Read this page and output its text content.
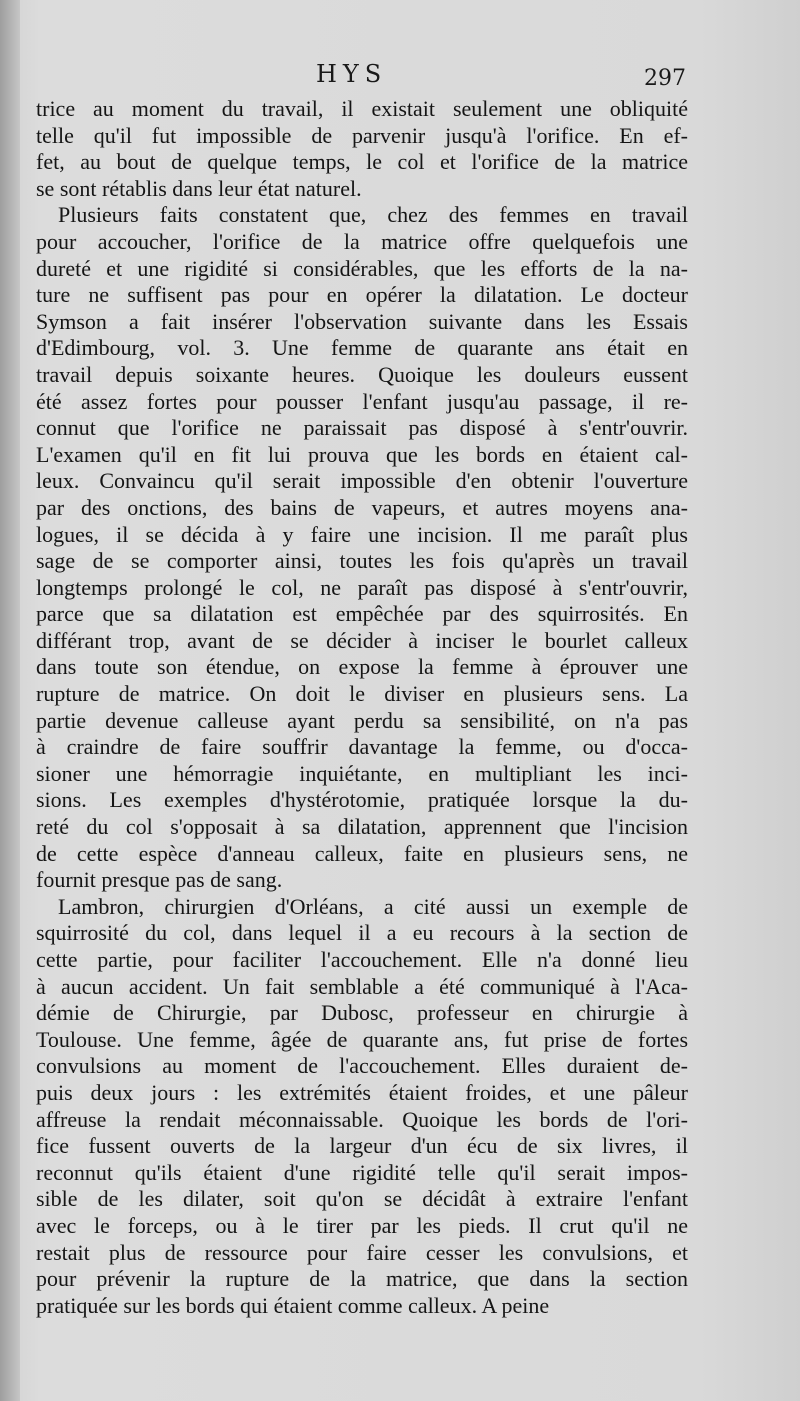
HYS	297
trice au moment du travail, il existait seulement une obliquité
telle qu'il fut impossible de parvenir jusqu'à l'orifice. En ef-
fet, au bout de quelque temps, le col et l'orifice de la matrice
se sont rétablis dans leur état naturel.
Plusieurs faits constatent que, chez des femmes en travail
pour accoucher, l'orifice de la matrice offre quelquefois une
dureté et une rigidité si considérables, que les efforts de la na-
ture ne suffisent pas pour en opérer la dilatation. Le docteur
Symson a fait insérer l'observation suivante dans les Essais
d'Edimbourg, vol. 3. Une femme de quarante ans était en
travail depuis soixante heures. Quoique les douleurs eussent
été assez fortes pour pousser l'enfant jusqu'au passage, il re-
connut que l'orifice ne paraissait pas disposé à s'entr'ouvrir.
L'examen qu'il en fit lui prouva que les bords en étaient cal-
leux. Convaincu qu'il serait impossible d'en obtenir l'ouverture
par des onctions, des bains de vapeurs, et autres moyens ana-
logues, il se décida à y faire une incision. Il me paraît plus
sage de se comporter ainsi, toutes les fois qu'après un travail
longtemps prolongé le col, ne paraît pas disposé à s'entr'ouvrir,
parce que sa dilatation est empêchée par des squirrosités. En
différant trop, avant de se décider à inciser le bourlet calleux
dans toute son étendue, on expose la femme à éprouver une
rupture de matrice. On doit le diviser en plusieurs sens. La
partie devenue calleuse ayant perdu sa sensibilité, on n'a pas
à craindre de faire souffrir davantage la femme, ou d'occa-
sioner une hémorragie inquiétante, en multipliant les inci-
sions. Les exemples d'hystérotomie, pratiquée lorsque la du-
reté du col s'opposait à sa dilatation, apprennent que l'incision
de cette espèce d'anneau calleux, faite en plusieurs sens, ne
fournit presque pas de sang.
Lambron, chirurgien d'Orléans, a cité aussi un exemple de
squirrosité du col, dans lequel il a eu recours à la section de
cette partie, pour faciliter l'accouchement. Elle n'a donné lieu
à aucun accident. Un fait semblable a été communiqué à l'Aca-
démie de Chirurgie, par Dubosc, professeur en chirurgie à
Toulouse. Une femme, âgée de quarante ans, fut prise de fortes
convulsions au moment de l'accouchement. Elles duraient de-
puis deux jours : les extrémités étaient froides, et une pâleur
affreuse la rendait méconnaissable. Quoique les bords de l'ori-
fice fussent ouverts de la largeur d'un écu de six livres, il
reconnut qu'ils étaient d'une rigidité telle qu'il serait impos-
sible de les dilater, soit qu'on se décidât à extraire l'enfant
avec le forceps, ou à le tirer par les pieds. Il crut qu'il ne
restait plus de ressource pour faire cesser les convulsions, et
pour prévenir la rupture de la matrice, que dans la section
pratiquée sur les bords qui étaient comme calleux. A peine
